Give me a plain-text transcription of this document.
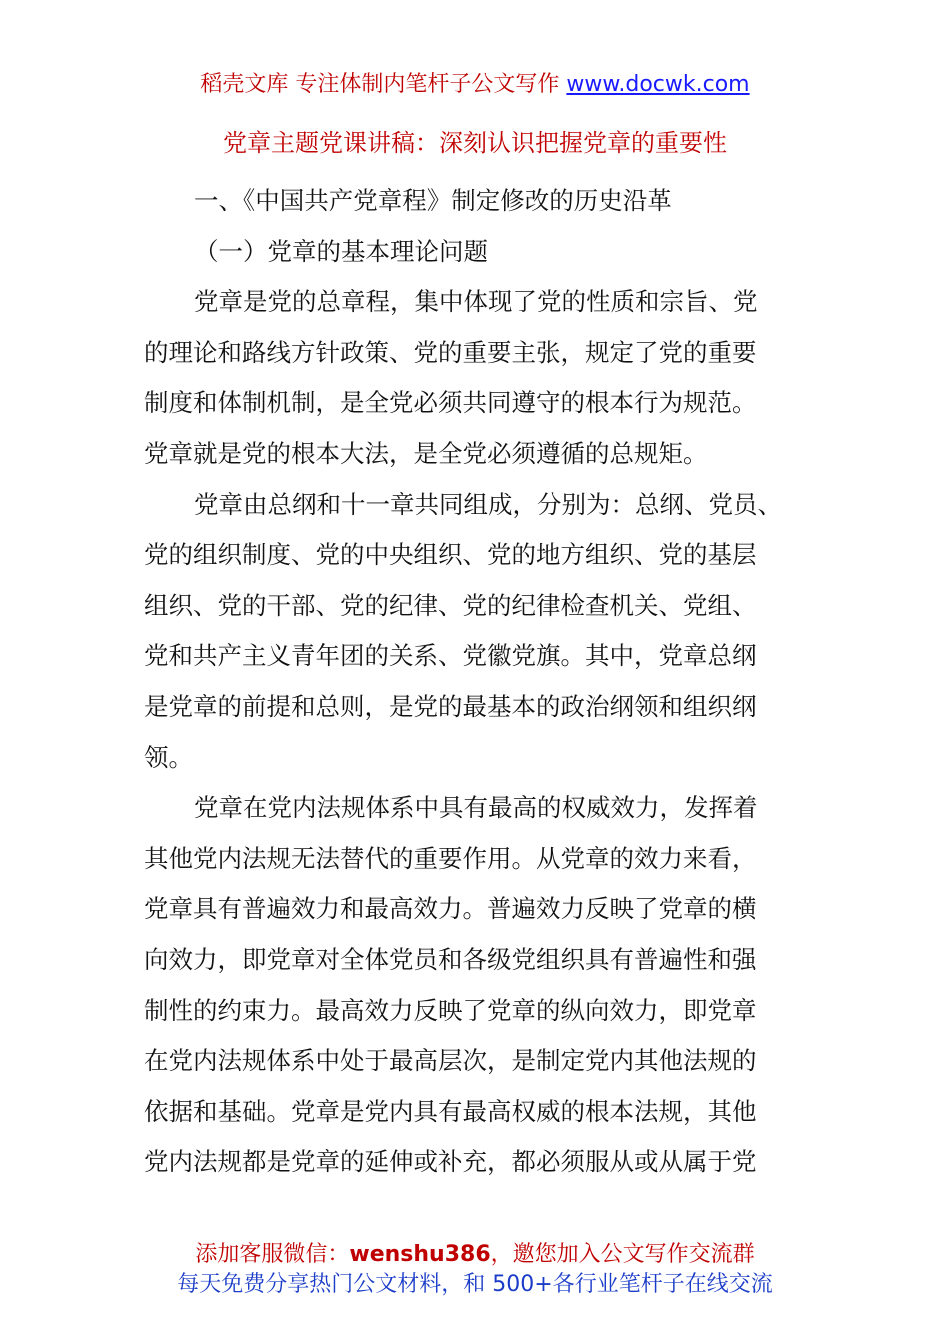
稻壳文库 专注体制内笔杆子公文写作 www.docwk.com
党章主题党课讲稿：深刻认识把握党章的重要性
一、《中国共产党章程》制定修改的历史沿革
（一）党章的基本理论问题
党章是党的总章程，集中体现了党的性质和宗旨、党
的理论和路线方针政策、党的重要主张，规定了党的重要
制度和体制机制，是全党必须共同遵守的根本行为规范。
党章就是党的根本大法，是全党必须遵循的总规矩。
党章由总纲和十一章共同组成，分别为：总纲、党员、
党的组织制度、党的中央组织、党的地方组织、党的基层
组织、党的干部、党的纪律、党的纪律检查机关、党组、
党和共产主义青年团的关系、党徽党旗。其中，党章总纲
是党章的前提和总则，是党的最基本的政治纲领和组织纲
领。
党章在党内法规体系中具有最高的权威效力，发挥着
其他党内法规无法替代的重要作用。从党章的效力来看，
党章具有普遍效力和最高效力。普遍效力反映了党章的横
向效力，即党章对全体党员和各级党组织具有普遍性和强
制性的约束力。最高效力反映了党章的纵向效力，即党章
在党内法规体系中处于最高层次，是制定党内其他法规的
依据和基础。党章是党内具有最高权威的根本法规，其他
党内法规都是党章的延伸或补充，都必须服从或从属于党
添加客服微信：wenshu386，邀您加入公文写作交流群
每天免费分享热门公文材料，和 500+各行业笔杆子在线交流
